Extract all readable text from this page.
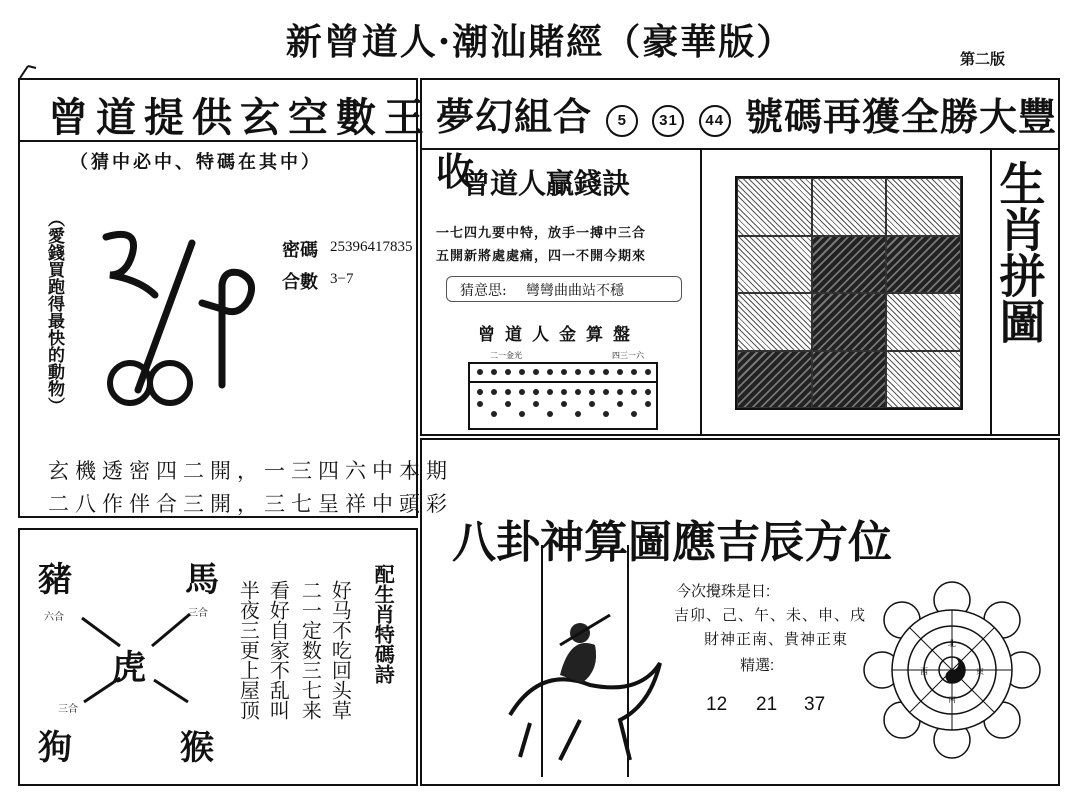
新曾道人·潮汕賭經（豪華版）	第二版
曾道提供玄空數王
（猜中必中、特碼在其中）
（愛錢買跑得最快的動物）	密碼 25396417835
合數 3−7
玄機透密四二開，一三四六中本期
二八作伴合三開，三七呈祥中頭彩
豬	馬
狗	猴
虎
六合	三合
三合	半夜三更上屋顶 看好自家不乱叫 二一定数三七来 好马不吃回头草 配生肖特碼詩
夢幻組合 5 31 44 號碼再獲全勝大豐收
曾道人贏錢訣
一七四九要中特，放手一搏中三合
五開新將處處痛，四一不開今期來
猜意思: 彎彎曲曲站不穩
曾道人金算盤
二一金光	四三一六
生肖拼圖
八卦神算圖應吉辰方位
今次攪珠是日:
吉卯、己、午、未、申、戌
財神正南、貴神正東
精選:
12 21 37
西	東
北
南
